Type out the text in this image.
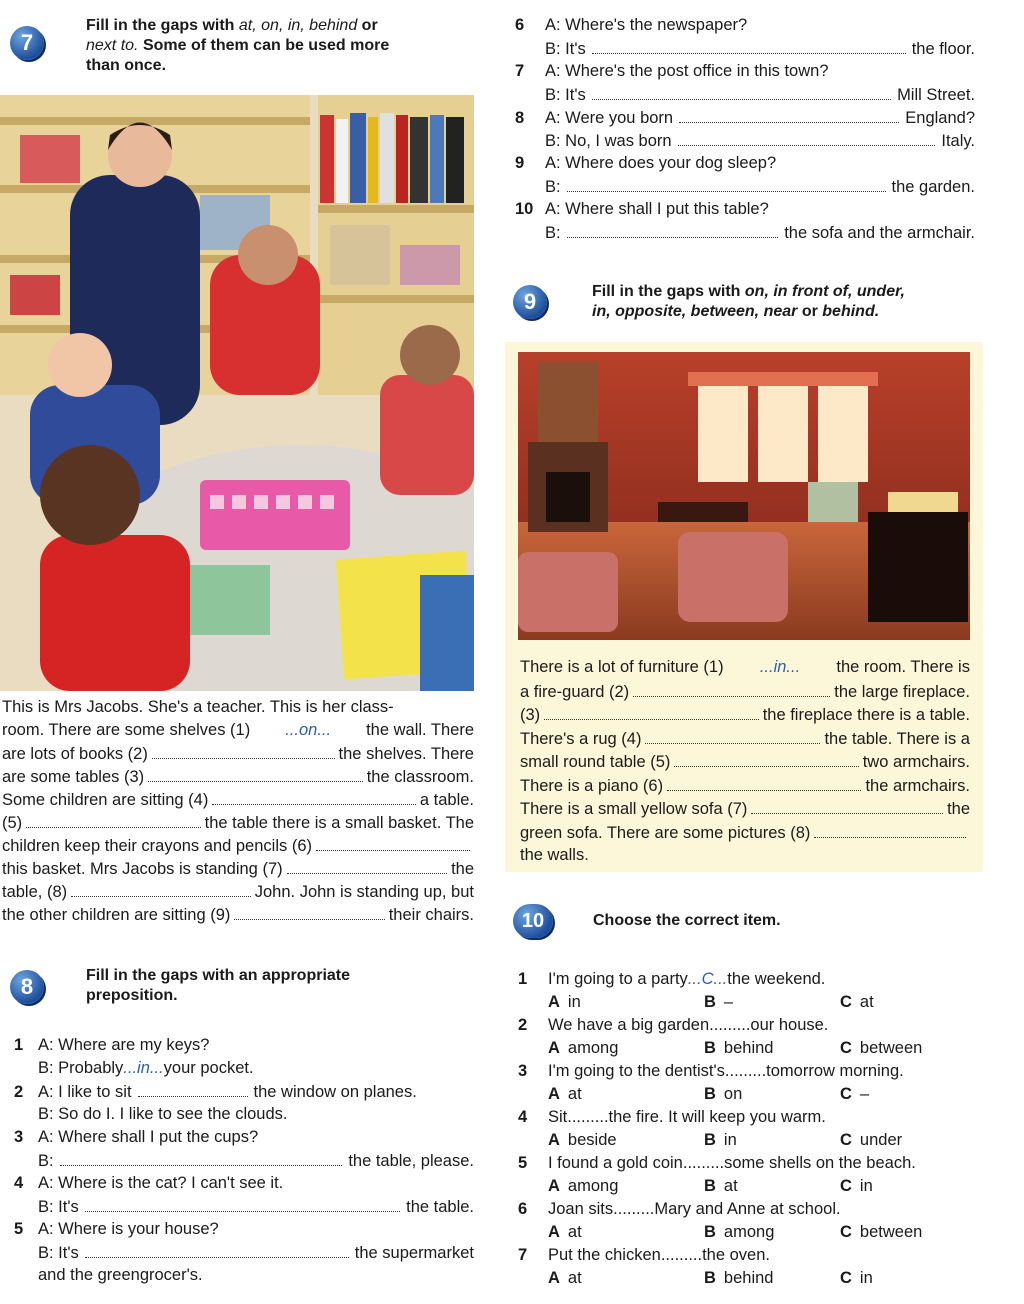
7
Fill in the gaps with at, on, in, behind or
next to. Some of them can be used more
than once.
This is Mrs Jacobs. She's a teacher. This is her class-
room. There are some shelves (1) ...on... the wall. There
are lots of books (2)	the shelves. There
are some tables (3)	the classroom.
Some children are sitting (4)	a table.
(5)	the table there is a small basket. The
children keep their crayons and pencils (6)
this basket. Mrs Jacobs is standing (7)	the
table, (8)	John. John is standing up, but
the other children are sitting (9)	their chairs.
6	A: Where's the newspaper?
B: It's	the floor.
7	A: Where's the post office in this town?
B: It's	Mill Street.
8	A: Were you born	England?
B: No, I was born	Italy.
9	A: Where does your dog sleep?
B:	the garden.
10 A: Where shall I put this table?
B:	the sofa and the armchair.
9	Fill in the gaps with on, in front of, under,
in, opposite, between, near or behind.
There is a lot of furniture (1) ...in... the room. There is
a fire-guard (2)	the large fireplace.
(3)	the fireplace there is a table.
There's a rug (4)	the table. There is a
small round table (5)	two armchairs.
There is a piano (6)	the armchairs.
There is a small yellow sofa (7)	the
green sofa. There are some pictures (8)
the walls.
8	Fill in the gaps with an appropriate
preposition.
1 A: Where are my keys?
B: Probably ...in... your pocket.
2 A: I like to sit	the window on planes.
B: So do I. I like to see the clouds.
3 A: Where shall I put the cups?
B:	the table, please.
4 A: Where is the cat? I can't see it.
B: It's	the table.
5 A: Where is your house?
B: It's	the supermarket
and the greengrocer's.
10	Choose the correct item.
1	I'm going to a party ...C... the weekend.
A in	B –	C at
2	We have a big garden ......... our house.
A among	B behind	C between
3	I'm going to the dentist's ......... tomorrow morning.
A at	B on	C –
4	Sit ......... the fire. It will keep you warm.
A beside	B in	C under
5	I found a gold coin ......... some shells on the beach.
A among	B at	C in
6	Joan sits ......... Mary and Anne at school.
A at	B among	C between
7	Put the chicken ......... the oven.
A at	B behind	C in
